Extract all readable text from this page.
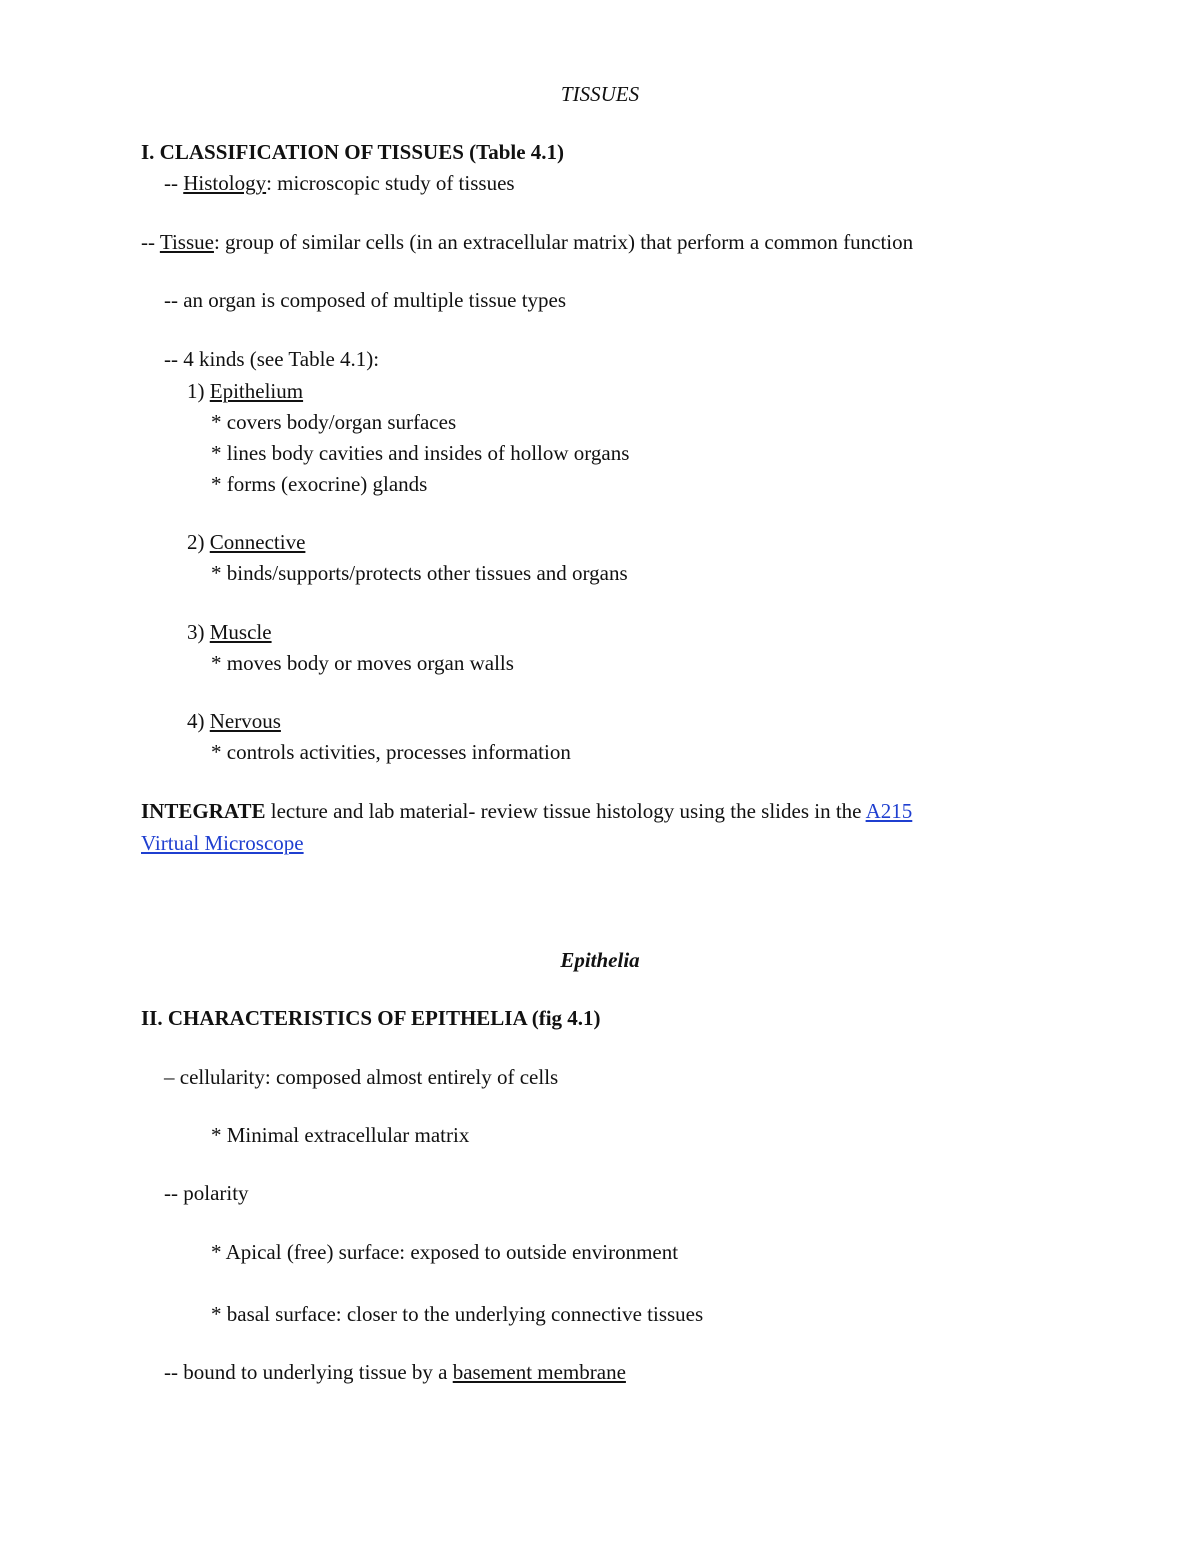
TISSUES
I. CLASSIFICATION OF TISSUES (Table 4.1)
-- Histology: microscopic study of tissues
-- Tissue: group of similar cells (in an extracellular matrix) that perform a common function
-- an organ is composed of multiple tissue types
-- 4 kinds (see Table 4.1):
1) Epithelium
* covers body/organ surfaces
* lines body cavities and insides of hollow organs
* forms (exocrine) glands
2) Connective
* binds/supports/protects other tissues and organs
3) Muscle
* moves body or moves organ walls
4) Nervous
* controls activities, processes information
INTEGRATE lecture and lab material- review tissue histology using the slides in the A215
Virtual Microscope
Epithelia
II. CHARACTERISTICS OF EPITHELIA (fig 4.1)
– cellularity: composed almost entirely of cells
* Minimal extracellular matrix
-- polarity
* Apical (free) surface: exposed to outside environment
* basal surface: closer to the underlying connective tissues
-- bound to underlying tissue by a basement membrane
